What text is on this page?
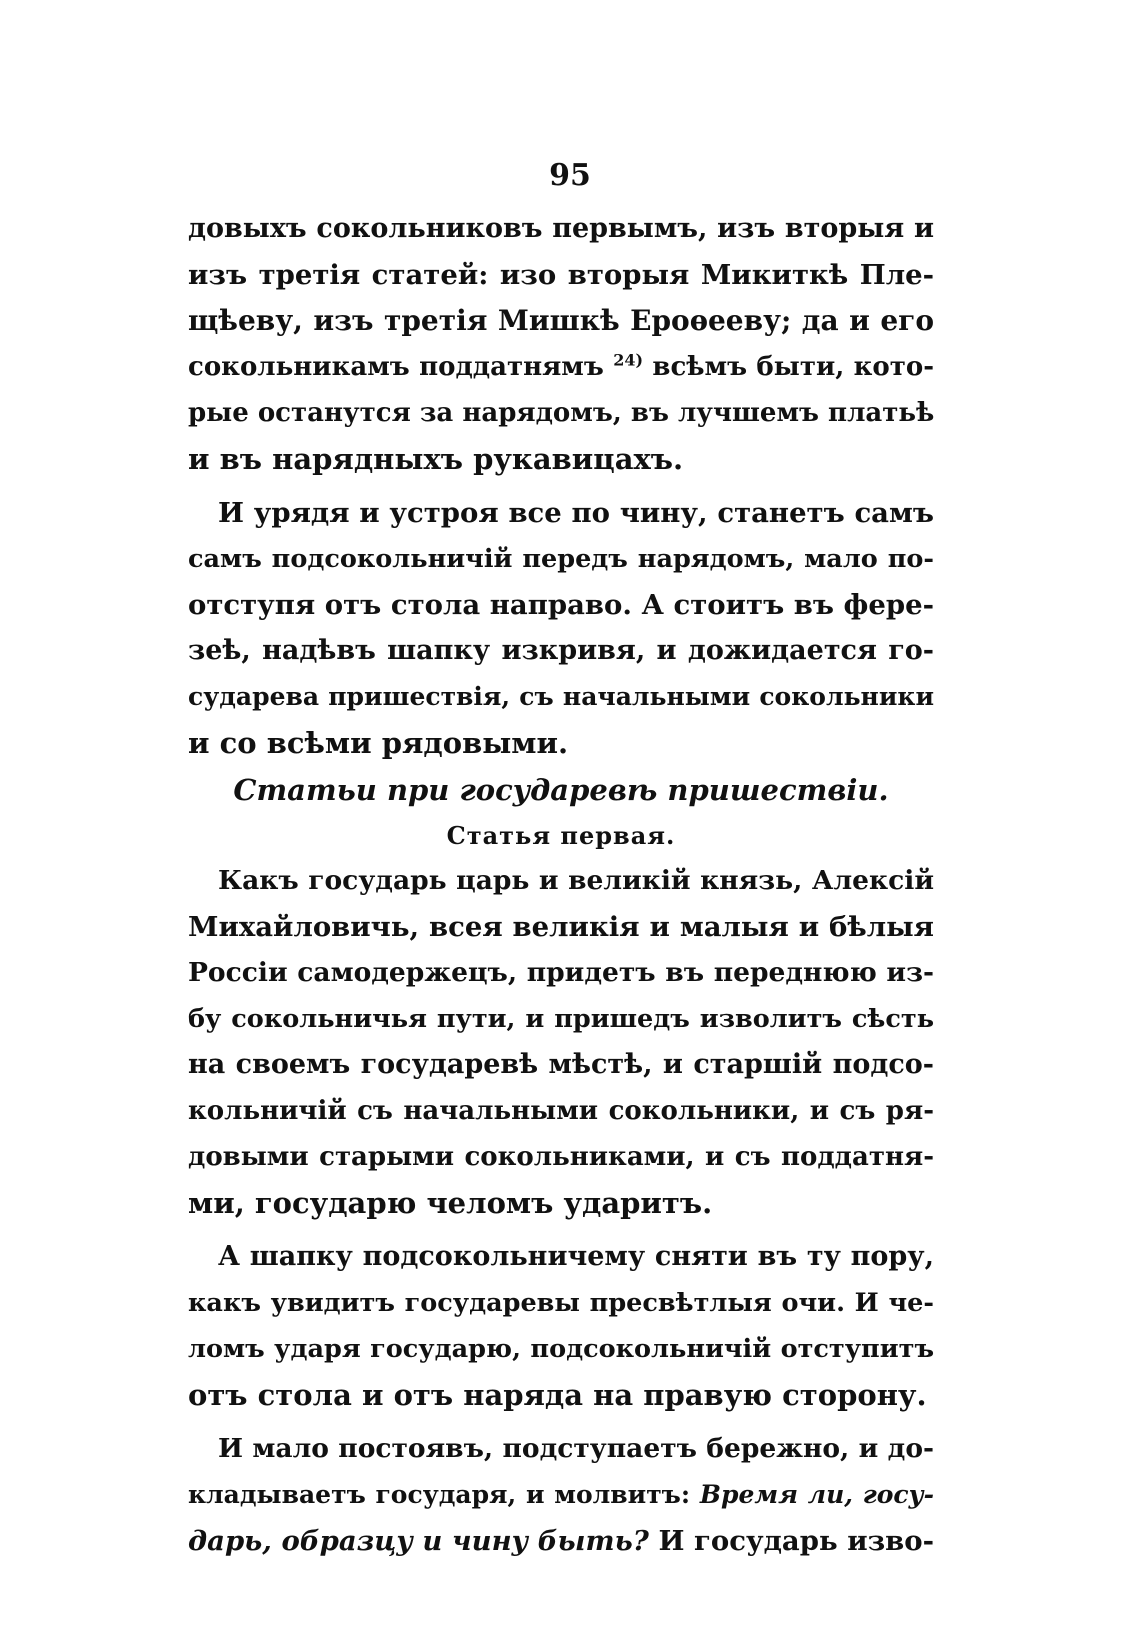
95
довыхъ сокольниковъ первымъ, изъ вторыя и
изъ третія статей: изо вторыя Микиткѣ Пле-
щѣеву, изъ третія Мишкѣ Ероѳееву; да и его
сокольникамъ поддатнямъ $^{24)}$ всѣмъ быти, кото-
рые останутся за нарядомъ, въ лучшемъ платьѣ
и въ нарядныхъ рукавицахъ.
И урядя и устроя все по чину, станетъ самъ
самъ подсокольничій передъ нарядомъ, мало по-
отступя отъ стола направо. А стоитъ въ ферe-
зеѣ, надѣвъ шапку изкривя, и дожидается го-
сударева пришествія, съ начальными сокольники
и со всѣми рядовыми.
Статьи при государевѣ пришествіи.
Статья первая.
Какъ государь царь и великій князь, Алексій
Михайловичь, всея великія и малыя и бѣлыя
Россіи самодержецъ, придетъ въ переднюю из-
бу сокольничья пути, и пришедъ изволитъ сѣсть
на своемъ государевѣ мѣстѣ, и старшій подсо-
кольничій съ начальными сокольники, и съ ря-
довыми старыми сокольниками, и съ поддатня-
ми, государю челомъ ударитъ.
А шапку подсокольничему сняти въ ту пору,
какъ увидитъ государевы пресвѣтлыя очи. И че-
ломъ ударя государю, подсокольничій отступитъ
отъ стола и отъ наряда на правую сторону.
И мало постоявъ, подступаетъ бережно, и до-
кладываетъ государя, и молвитъ: Время ли, госу-
дарь, образцу и чину быть? И государь изво-
